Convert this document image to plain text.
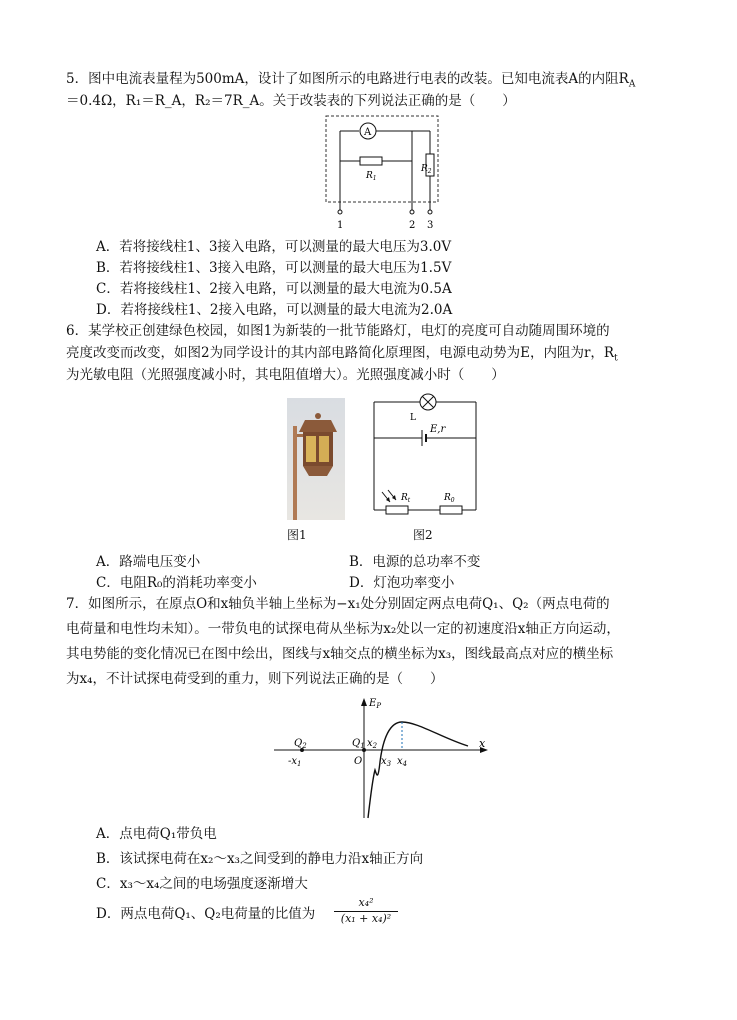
5．图中电流表量程为500mA，设计了如图所示的电路进行电表的改装。已知电流表A的内阻$R_A$
＝0.4Ω，R₁＝R_A，R₂＝7R_A。关于改装表的下列说法正确的是（　　）
A
$R_1$
$R_2$
1	2 3
A．若将接线柱1、3接入电路，可以测量的最大电压为3.0V
B．若将接线柱1、3接入电路，可以测量的最大电压为1.5V
C．若将接线柱1、2接入电路，可以测量的最大电流为0.5A
D．若将接线柱1、2接入电路，可以测量的最大电流为2.0A
6．某学校正创建绿色校园，如图1为新装的一批节能路灯，电灯的亮度可自动随周围环境的
亮度改变而改变，如图2为同学设计的其内部电路简化原理图，电源电动势为E，内阻为r，$R_t$
为光敏电阻（光照强度减小时，其电阻值增大）。光照强度减小时（　　）
图1
L
E,r
$R_t$	$R_0$
图2
A．路端电压变小	B．电源的总功率不变
C．电阻R₀的消耗功率变小	D．灯泡功率变小
7．如图所示，在原点O和x轴负半轴上坐标为−x₁处分别固定两点电荷Q₁、Q₂（两点电荷的
电荷量和电性均未知）。一带负电的试探电荷从坐标为x₂处以一定的初速度沿x轴正方向运动，
其电势能的变化情况已在图中绘出，图线与x轴交点的横坐标为x₃，图线最高点对应的横坐标
为x₄，不计试探电荷受到的重力，则下列说法正确的是（　　）
x
$E_P$
$Q_2$
$-x_1$
$Q_1$
O
$x_2$
$x_3$ $x_4$
A．点电荷Q₁带负电
B．该试探电荷在x₂～x₃之间受到的静电力沿x轴正方向
C．x₃～x₄之间的电场强度逐渐增大
D．两点电荷Q₁、Q₂电荷量的比值为 $\frac{\text{x₄²}}{\text{(x₁ + x₄)²}}$
